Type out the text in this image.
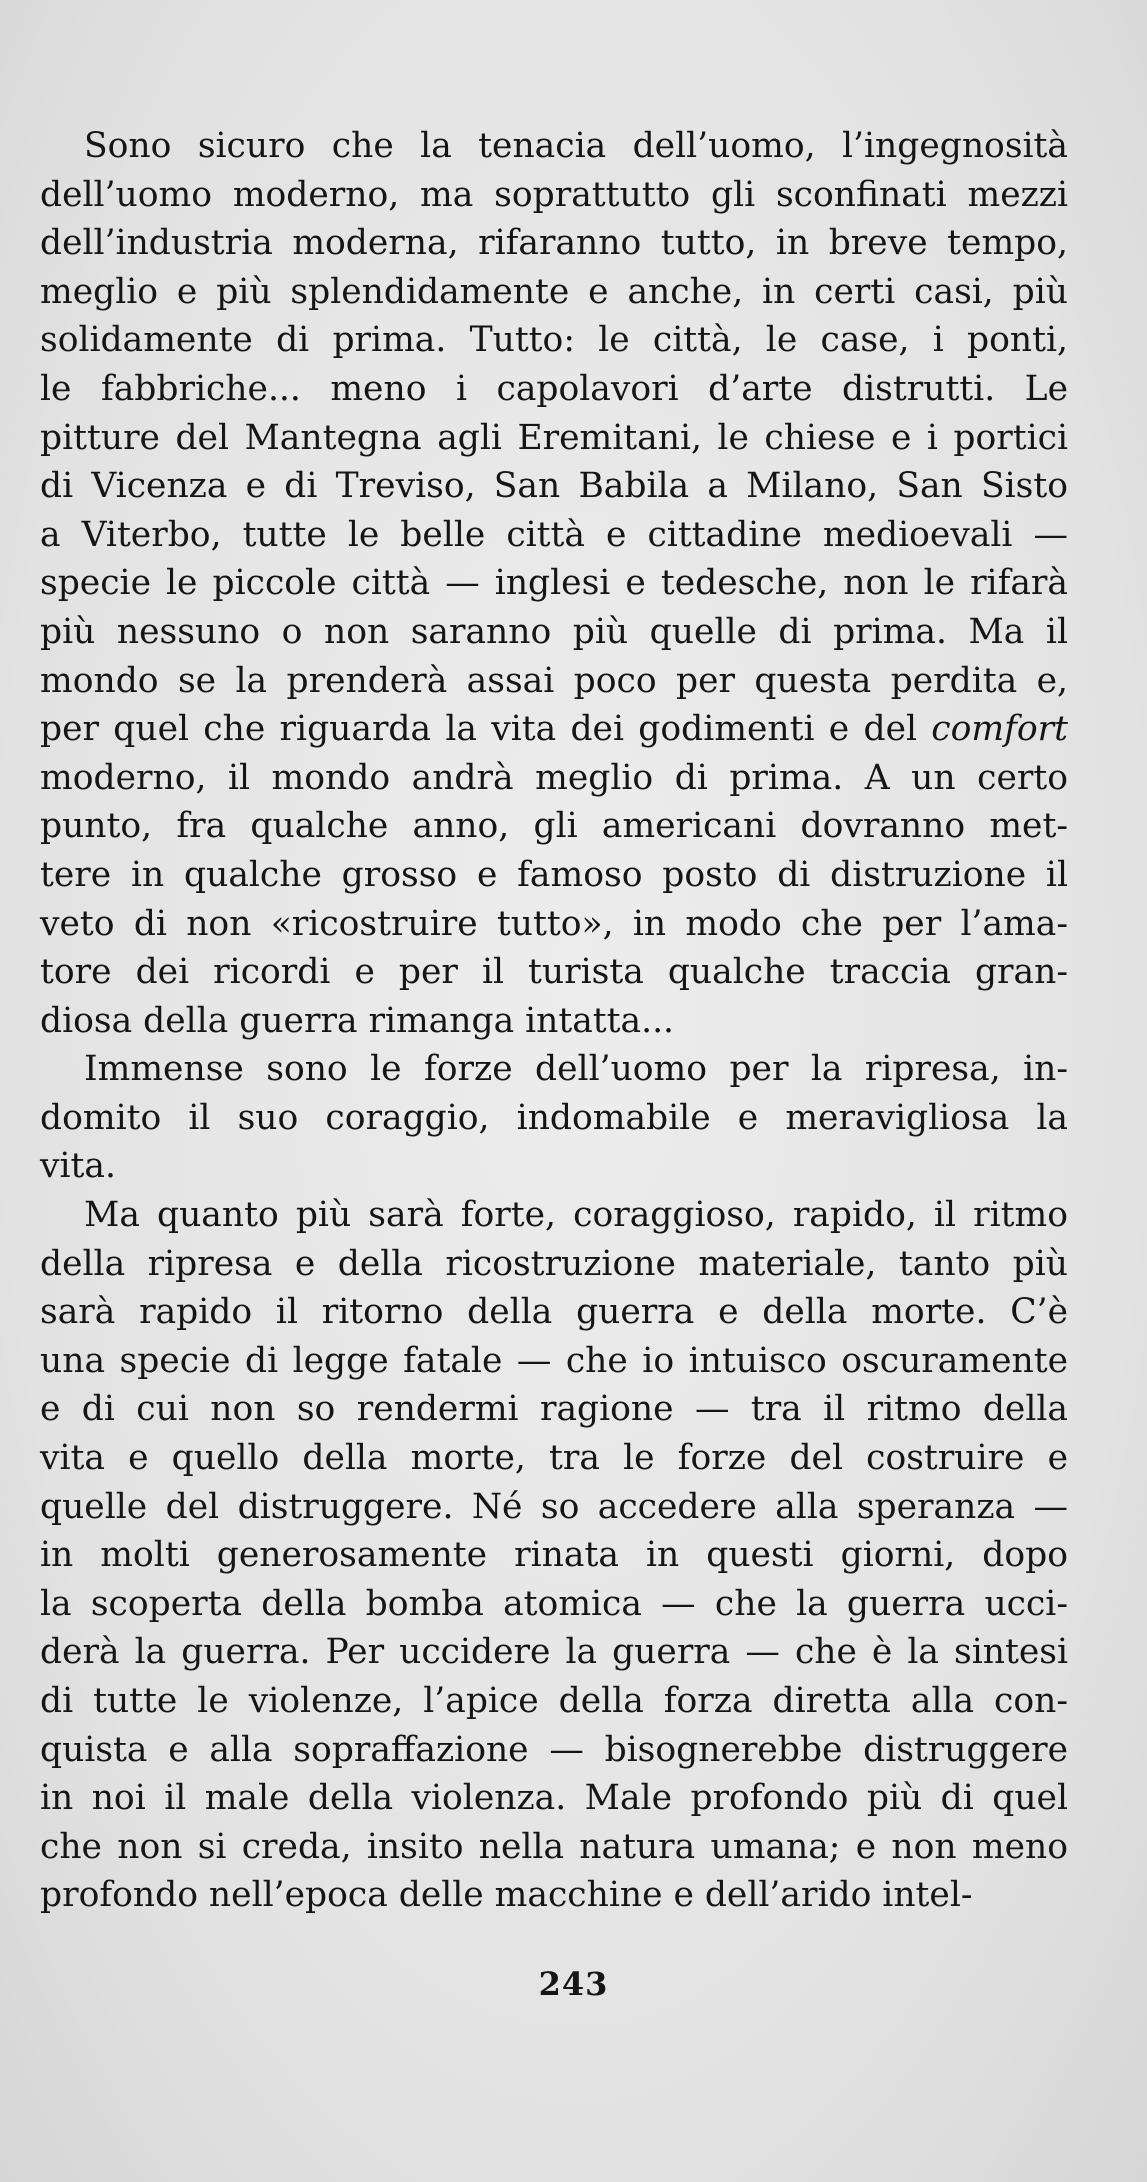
Sono sicuro che la tenacia dell’uomo, l’ingegnosità
dell’uomo moderno, ma soprattutto gli sconfinati mezzi
dell’industria moderna, rifaranno tutto, in breve tempo,
meglio e più splendidamente e anche, in certi casi, più
solidamente di prima. Tutto: le città, le case, i ponti,
le fabbriche... meno i capolavori d’arte distrutti. Le
pitture del Mantegna agli Eremitani, le chiese e i portici
di Vicenza e di Treviso, San Babila a Milano, San Sisto
a Viterbo, tutte le belle città e cittadine medioevali —
specie le piccole città — inglesi e tedesche, non le rifarà
più nessuno o non saranno più quelle di prima. Ma il
mondo se la prenderà assai poco per questa perdita e,
per quel che riguarda la vita dei godimenti e del comfort
moderno, il mondo andrà meglio di prima. A un certo
punto, fra qualche anno, gli americani dovranno met-
tere in qualche grosso e famoso posto di distruzione il
veto di non «ricostruire tutto», in modo che per l’ama-
tore dei ricordi e per il turista qualche traccia gran-
diosa della guerra rimanga intatta...
Immense sono le forze dell’uomo per la ripresa, in-
domito il suo coraggio, indomabile e meravigliosa la
vita.
Ma quanto più sarà forte, coraggioso, rapido, il ritmo
della ripresa e della ricostruzione materiale, tanto più
sarà rapido il ritorno della guerra e della morte. C’è
una specie di legge fatale — che io intuisco oscuramente
e di cui non so rendermi ragione — tra il ritmo della
vita e quello della morte, tra le forze del costruire e
quelle del distruggere. Né so accedere alla speranza —
in molti generosamente rinata in questi giorni, dopo
la scoperta della bomba atomica — che la guerra ucci-
derà la guerra. Per uccidere la guerra — che è la sintesi
di tutte le violenze, l’apice della forza diretta alla con-
quista e alla sopraffazione — bisognerebbe distruggere
in noi il male della violenza. Male profondo più di quel
che non si creda, insito nella natura umana; e non meno
profondo nell’epoca delle macchine e dell’arido intel-
243
